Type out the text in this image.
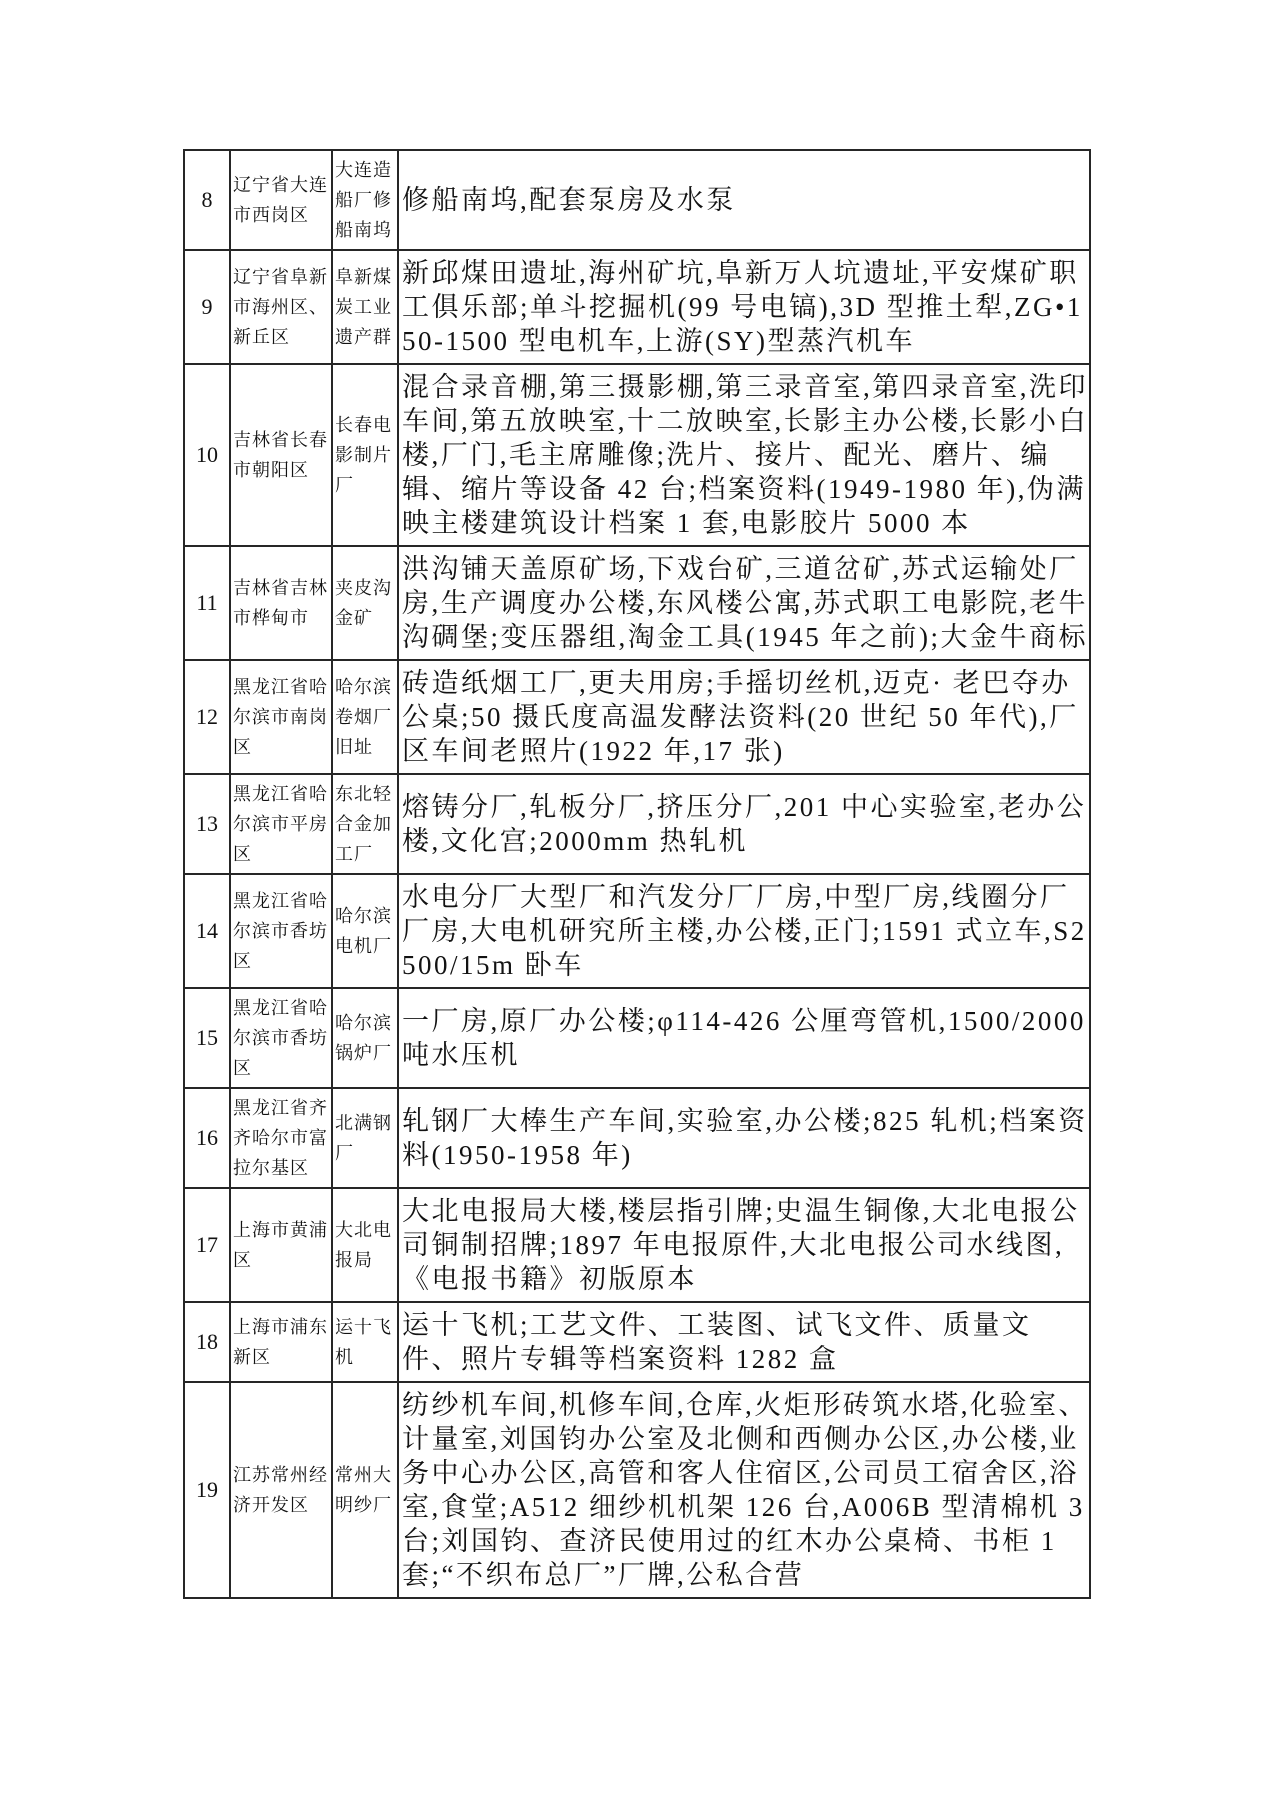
8	辽宁省大连市西岗区	大连造船厂修船南坞	修船南坞,配套泵房及水泵
9	辽宁省阜新市海州区、新丘区	阜新煤炭工业遗产群	新邱煤田遗址,海州矿坑,阜新万人坑遗址,平安煤矿职工俱乐部;单斗挖掘机(99 号电镐),3D 型推土犁,ZG•150-1500 型电机车,上游(SY)型蒸汽机车
10	吉林省长春市朝阳区	长春电影制片厂	混合录音棚,第三摄影棚,第三录音室,第四录音室,洗印车间,第五放映室,十二放映室,长影主办公楼,长影小白楼,厂门,毛主席雕像;洗片、接片、配光、磨片、编辑、缩片等设备 42 台;档案资料(1949-1980 年),伪满映主楼建筑设计档案 1 套,电影胶片 5000 本
11	吉林省吉林市桦甸市	夹皮沟金矿	洪沟铺天盖原矿场,下戏台矿,三道岔矿,苏式运输处厂房,生产调度办公楼,东风楼公寓,苏式职工电影院,老牛沟碉堡;变压器组,淘金工具(1945 年之前);大金牛商标
12	黑龙江省哈尔滨市南岗区	哈尔滨卷烟厂旧址	砖造纸烟工厂,更夫用房;手摇切丝机,迈克· 老巴夺办公桌;50 摄氏度高温发酵法资料(20 世纪 50 年代),厂区车间老照片(1922 年,17 张)
13	黑龙江省哈尔滨市平房区	东北轻合金加工厂	熔铸分厂,轧板分厂,挤压分厂,201 中心实验室,老办公楼,文化宫;2000mm 热轧机
14	黑龙江省哈尔滨市香坊区	哈尔滨电机厂	水电分厂大型厂和汽发分厂厂房,中型厂房,线圈分厂厂房,大电机研究所主楼,办公楼,正门;1591 式立车,S2500/15m 卧车
15	黑龙江省哈尔滨市香坊区	哈尔滨锅炉厂	一厂房,原厂办公楼;φ114-426 公厘弯管机,1500/2000 吨水压机
16	黑龙江省齐齐哈尔市富拉尔基区	北满钢厂	轧钢厂大棒生产车间,实验室,办公楼;825 轧机;档案资料(1950-1958 年)
17	上海市黄浦区	大北电报局	大北电报局大楼,楼层指引牌;史温生铜像,大北电报公司铜制招牌;1897 年电报原件,大北电报公司水线图,《电报书籍》初版原本
18	上海市浦东新区	运十飞机	运十飞机;工艺文件、工装图、试飞文件、质量文件、照片专辑等档案资料 1282 盒
19	江苏常州经济开发区	常州大明纱厂	纺纱机车间,机修车间,仓库,火炬形砖筑水塔,化验室、计量室,刘国钧办公室及北侧和西侧办公区,办公楼,业务中心办公区,高管和客人住宿区,公司员工宿舍区,浴室,食堂;A512 细纱机机架 126 台,A006B 型清棉机 3 台;刘国钧、查济民使用过的红木办公桌椅、书柜 1 套;“不织布总厂”厂牌,公私合营
